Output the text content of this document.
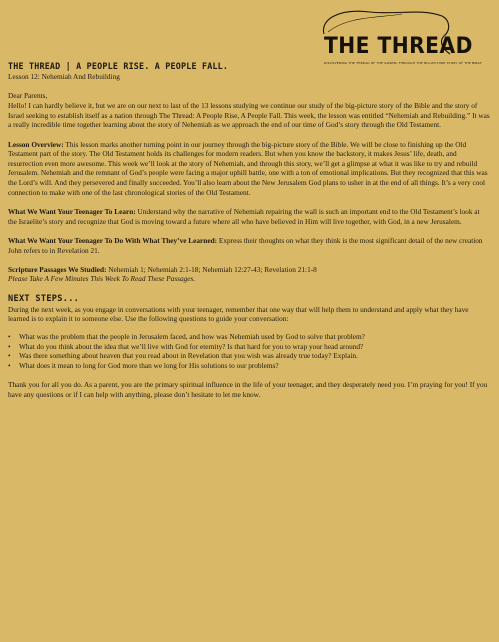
THE THREAD
DISCOVERING THE THREAD OF THE GOSPEL THROUGH THE BIG-PICTURE STORY OF THE BIBLE
THE THREAD | A PEOPLE RISE. A PEOPLE FALL.

Lesson 12: Nehemiah And Rebuilding

Dear Parents,

Hello! I can hardly believe it, but we are on our next to last of the 13 lessons studying we continue our study of the big-picture story of the Bible and the story of Israel seeking to establish itself as a nation through The Thread: A People Rise, A People Fall. This week, the lesson was entitled “Nehemiah and Rebuilding.” It was a really incredible time together learning about the story of Nehemiah as we approach the end of our time of God’s story through the Old Testament.

Lesson Overview: This lesson marks another turning point in our journey through the big-picture story of the Bible. We will be close to finishing up the Old Testament part of the story. The Old Testament holds its challenges for modern readers. But when you know the backstory, it makes Jesus’ life, death, and resurrection even more awesome. This week we’ll look at the story of Nehemiah, and through this story, we’ll get a glimpse at what it was like to try and rebuild Jerusalem. Nehemiah and the remnant of God’s people were facing a major uphill battle, one with a ton of emotional implications. But they recognized that this was the Lord’s will. And they persevered and finally succeeded. You’ll also learn about the New Jerusalem God plans to usher in at the end of all things. It’s a very cool connection to make with one of the last chronological stories of the Old Testament.

What We Want Your Teenager To Learn: Understand why the narrative of Nehemiah repairing the wall is such an important end to the Old Testament’s look at the Israelite’s story and recognize that God is moving toward a future where all who have believed in Him will live together, with God, in a new Jerusalem.

What We Want Your Teenager To Do With What They’ve Learned: Express their thoughts on what they think is the most significant detail of the new creation John refers to in Revelation 21.

Scripture Passages We Studied: Nehemiah 1; Nehemiah 2:1-18; Nehemiah 12:27-43; Revelation 21:1-8

Please Take A Few Minutes This Week To Read These Passages.

NEXT STEPS...

During the next week, as you engage in conversations with your teenager, remember that one way that will help them to understand and apply what they have learned is to explain it to someone else. Use the following questions to guide your conversation:

• What was the problem that the people in Jerusalem faced, and how was Nehemiah used by God to solve that problem?
• What do you think about the idea that we’ll live with God for eternity? Is that hard for you to wrap your head around?
• Was there something about heaven that you read about in Revelation that you wish was already true today? Explain.
• What does it mean to long for God more than we long for His solutions to our problems?

Thank you for all you do. As a parent, you are the primary spiritual influence in the life of your teenager, and they desperately need you. I’m praying for you! If you have any questions or if I can help with anything, please don’t hesitate to let me know.
